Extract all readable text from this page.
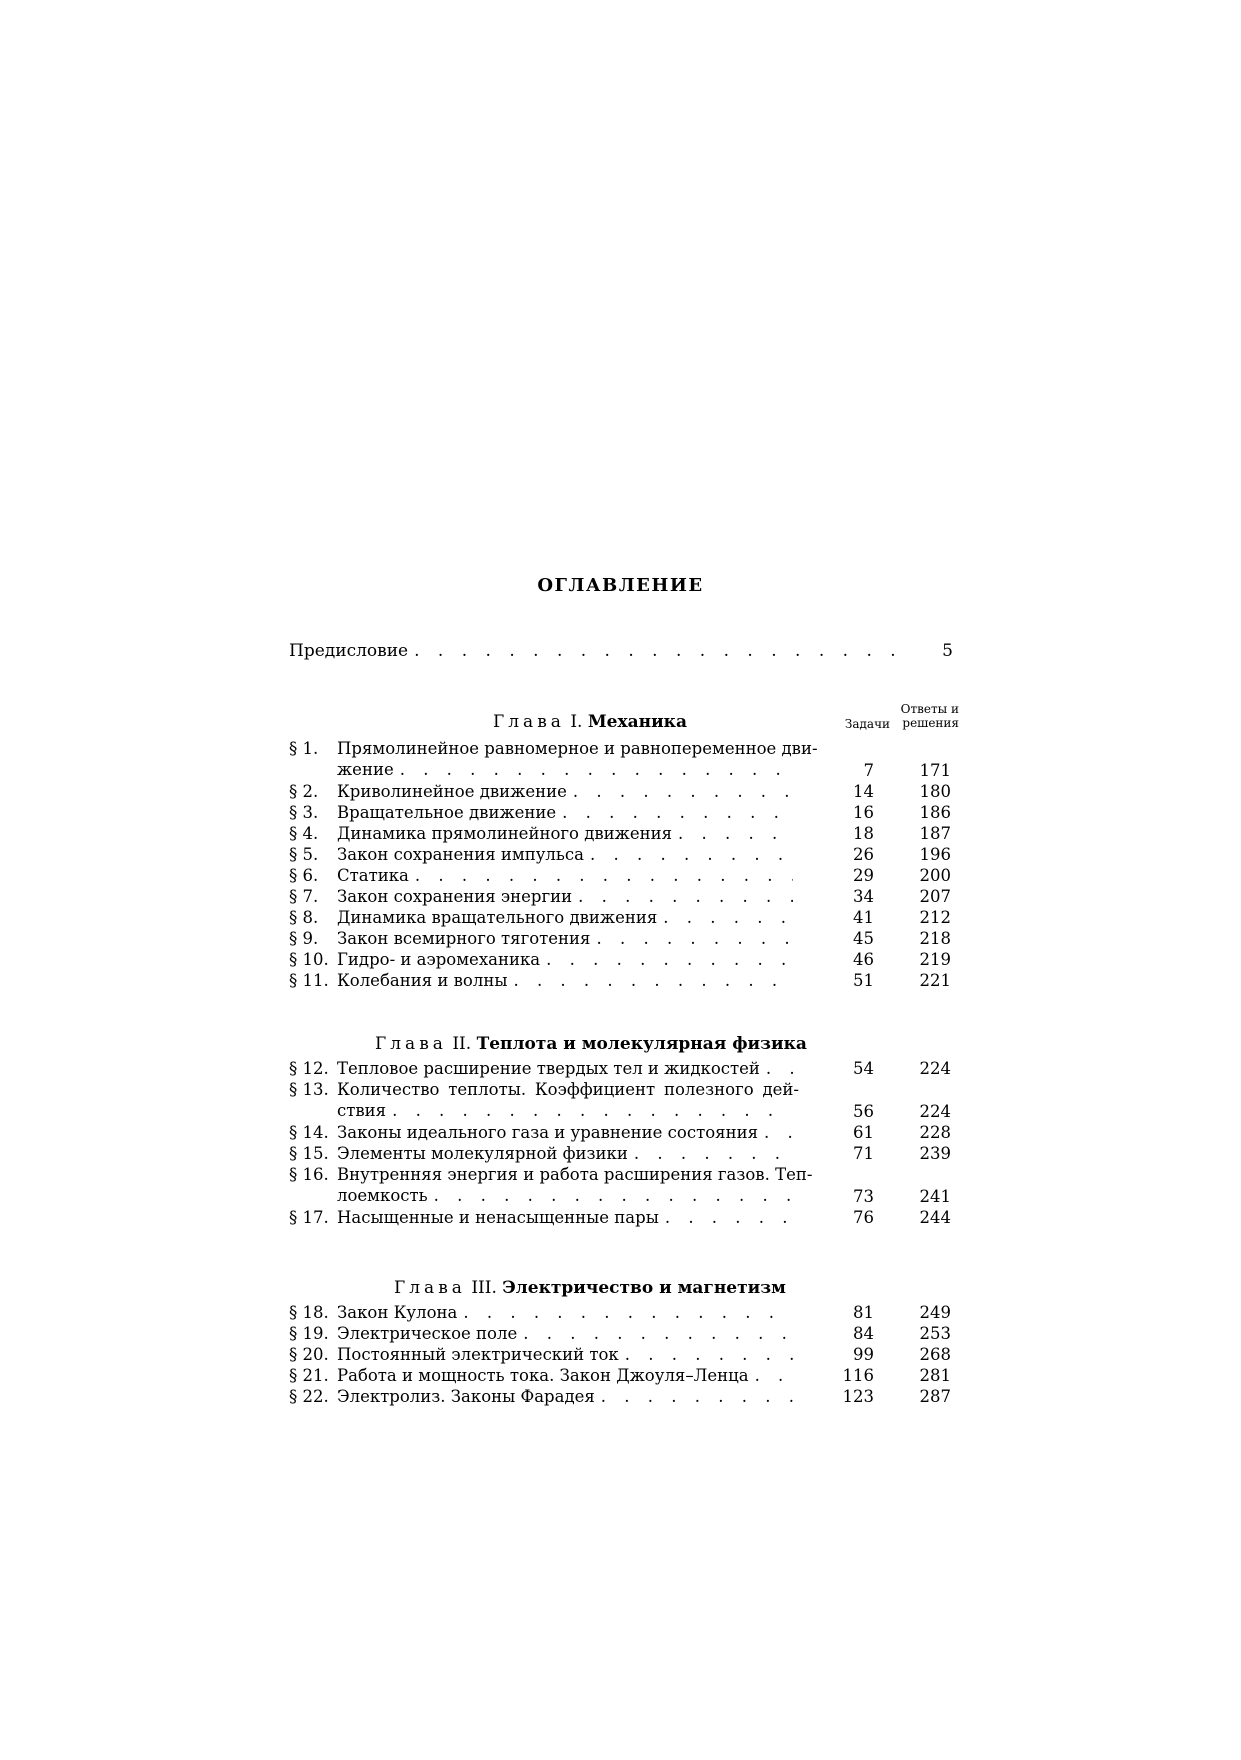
ОГЛАВЛЕНИЕ
Предисловие . . .	5
Глава I. Механика	Задачи
Ответы и
решения
§ 1.	Прямолинейное равномерное и равнопеременное дви-
жение . . .	7	171
§ 2.	Криволинейное движение . . .	14	180
§ 3.	Вращательное движение . . .	16	186
§ 4.	Динамика прямолинейного движения . . .	18	187
§ 5.	Закон сохранения импульса . . .	26	196
§ 6.	Статика . . .	29	200
§ 7.	Закон сохранения энергии . . .	34	207
§ 8.	Динамика вращательного движения . . .	41	212
§ 9.	Закон всемирного тяготения . . .	45	218
§ 10. Гидро- и аэромеханика . . .	46	219
§ 11. Колебания и волны . . .	51	221
Глава II. Теплота и молекулярная физика
§ 12. Тепловое расширение твердых тел и жидкостей . . .	54	224
§ 13. Количество теплоты. Коэффициент полезного дей-
ствия . . .	56	224
§ 14. Законы идеального газа и уравнение состояния . . .	61	228
§ 15. Элементы молекулярной физики . . .	71	239
§ 16. Внутренняя энергия и работа расширения газов. Теп-
лоемкость . . .	73	241
§ 17. Насыщенные и ненасыщенные пары . . .	76	244
Глава III. Электричество и магнетизм
§ 18. Закон Кулона . . .	81	249
§ 19. Электрическое поле . . .	84	253
§ 20. Постоянный электрический ток . . .	99	268
§ 21. Работа и мощность тока. Закон Джоуля–Ленца . . .	116	281
§ 22. Электролиз. Законы Фарадея . . .	123	287
